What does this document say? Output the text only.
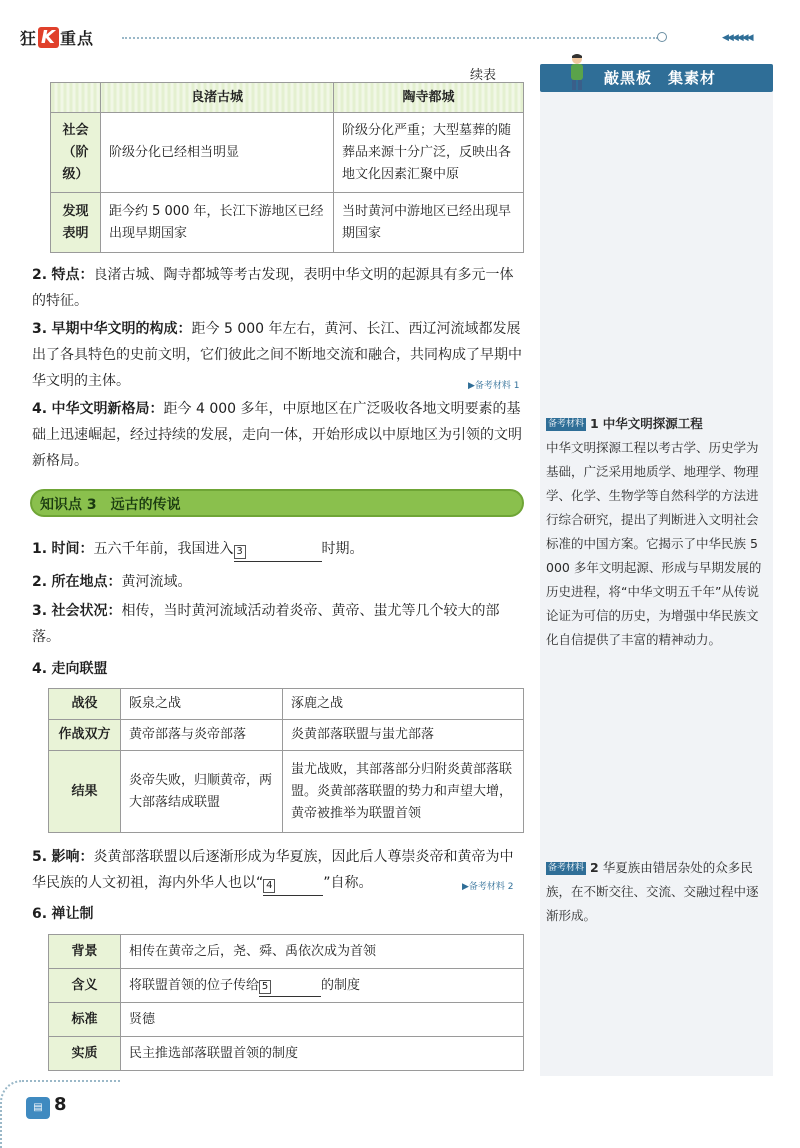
狂 K 重点	◀◀◀◀◀◀
续表
	良渚古城	陶寺都城
社会（阶级）	阶级分化已经相当明显	阶级分化严重；大型墓葬的随葬品来源十分广泛，反映出各地文化因素汇聚中原
发现表明	距今约 5 000 年，长江下游地区已经出现早期国家	当时黄河中游地区已经出现早期国家
2. 特点：良渚古城、陶寺都城等考古发现，表明中华文明的起源具有多元一体的特征。
3. 早期中华文明的构成：距今 5 000 年左右，黄河、长江、西辽河流域都发展出了各具特色的史前文明，它们彼此之间不断地交流和融合，共同构成了早期中华文明的主体。	▶备考材料 1
4. 中华文明新格局：距今 4 000 多年，中原地区在广泛吸收各地文明要素的基础上迅速崛起，经过持续的发展，走向一体，开始形成以中原地区为引领的文明新格局。
知识点 3　远古的传说
1. 时间：五六千年前，我国进入 3	时期。
2. 所在地点：黄河流域。
3. 社会状况：相传，当时黄河流域活动着炎帝、黄帝、蚩尤等几个较大的部落。
4. 走向联盟
战役	阪泉之战	涿鹿之战
作战双方	黄帝部落与炎帝部落	炎黄部落联盟与蚩尤部落
结果	炎帝失败，归顺黄帝，两大部落结成联盟	蚩尤战败，其部落部分归附炎黄部落联盟。炎黄部落联盟的势力和声望大增，黄帝被推举为联盟首领
5. 影响：炎黄部落联盟以后逐渐形成为华夏族，因此后人尊崇炎帝和黄帝为中华民族的人文初祖，海内外华人也以“ 4	”自称。	▶备考材料 2
6. 禅让制
背景	相传在黄帝之后，尧、舜、禹依次成为首领
含义	将联盟首领的位子传给 5 的制度
标准	贤德
实质	民主推选部落联盟首领的制度
敲黑板　集素材
备考材料 1 中华文明探源工程
中华文明探源工程以考古学、历史学为基础，广泛采用地质学、地理学、物理学、化学、生物学等自然科学的方法进行综合研究，提出了判断进入文明社会标准的中国方案。它揭示了中华民族 5 000 多年文明起源、形成与早期发展的历史进程，将“中华文明五千年”从传说论证为可信的历史，为增强中华民族文化自信提供了丰富的精神动力。
备考材料 2 华夏族由错居杂处的众多民族，在不断交往、交流、交融过程中逐渐形成。
▤ 8
